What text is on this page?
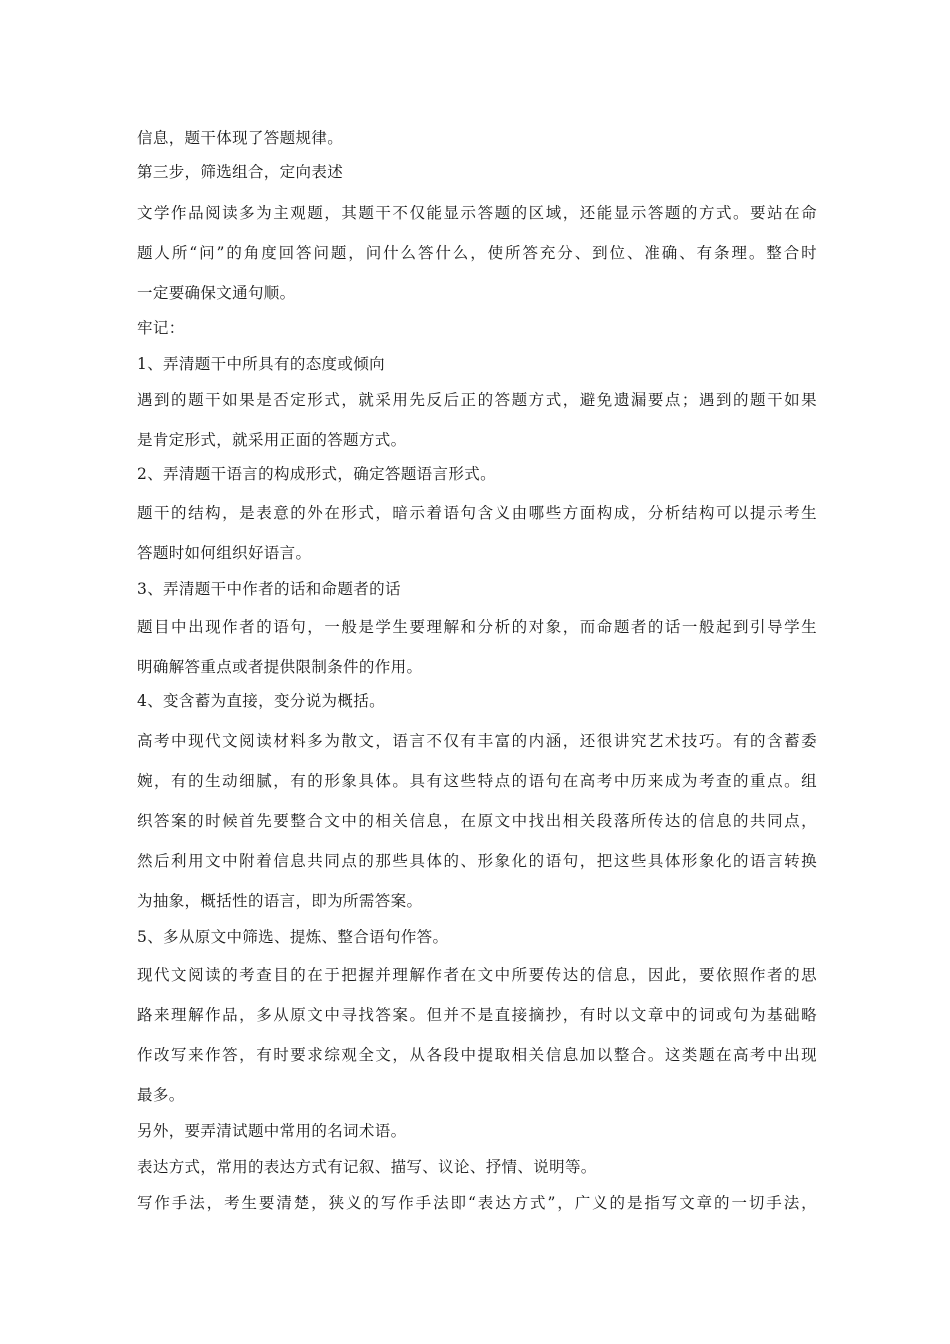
信息，题干体现了答题规律。
第三步，筛选组合，定向表述
文学作品阅读多为主观题，其题干不仅能显示答题的区域，还能显示答题的方式。要站在命
题人所“问”的角度回答问题，问什么答什么，使所答充分、到位、准确、有条理。整合时
一定要确保文通句顺。
牢记：
1、弄清题干中所具有的态度或倾向
遇到的题干如果是否定形式，就采用先反后正的答题方式，避免遗漏要点；遇到的题干如果
是肯定形式，就采用正面的答题方式。
2、弄清题干语言的构成形式，确定答题语言形式。
题干的结构，是表意的外在形式，暗示着语句含义由哪些方面构成，分析结构可以提示考生
答题时如何组织好语言。
3、弄清题干中作者的话和命题者的话
题目中出现作者的语句，一般是学生要理解和分析的对象，而命题者的话一般起到引导学生
明确解答重点或者提供限制条件的作用。
4、变含蓄为直接，变分说为概括。
高考中现代文阅读材料多为散文，语言不仅有丰富的内涵，还很讲究艺术技巧。有的含蓄委
婉，有的生动细腻，有的形象具体。具有这些特点的语句在高考中历来成为考查的重点。组
织答案的时候首先要整合文中的相关信息，在原文中找出相关段落所传达的信息的共同点，
然后利用文中附着信息共同点的那些具体的、形象化的语句，把这些具体形象化的语言转换
为抽象，概括性的语言，即为所需答案。
5、多从原文中筛选、提炼、整合语句作答。
现代文阅读的考查目的在于把握并理解作者在文中所要传达的信息，因此，要依照作者的思
路来理解作品，多从原文中寻找答案。但并不是直接摘抄，有时以文章中的词或句为基础略
作改写来作答，有时要求综观全文，从各段中提取相关信息加以整合。这类题在高考中出现
最多。
另外，要弄清试题中常用的名词术语。
表达方式，常用的表达方式有记叙、描写、议论、抒情、说明等。
写作手法，考生要清楚，狭义的写作手法即“表达方式”，广义的是指写文章的一切手法，
